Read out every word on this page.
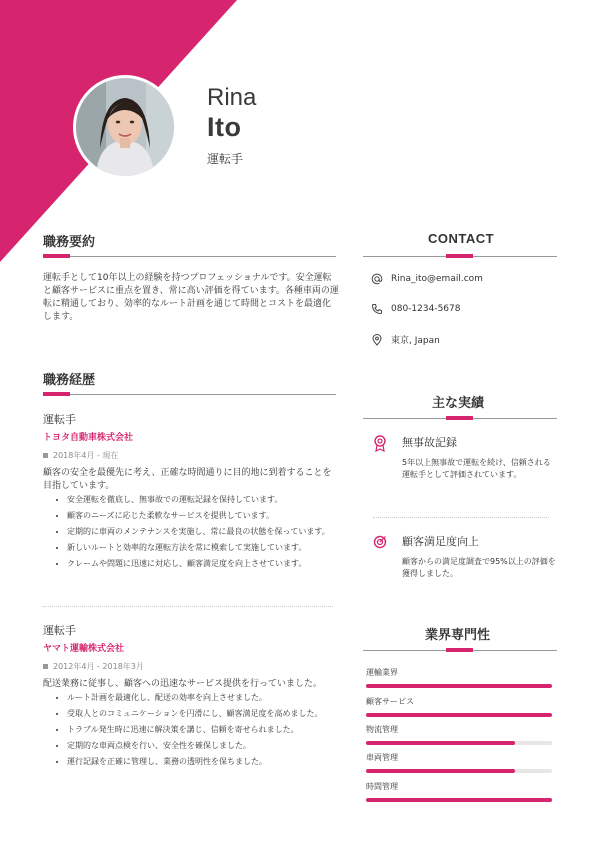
Rina
Ito
運転手
職務要約
運転手として10年以上の経験を持つプロフェッショナルです。安全運転と顧客サービスに重点を置き、常に高い評価を得ています。各種車両の運転に精通しており、効率的なルート計画を通じて時間とコストを最適化します。
職務経歴
運転手
トヨタ自動車株式会社
2018年4月 - 現在
顧客の安全を最優先に考え、正確な時間通りに目的地に到着することを目指しています。
• 安全運転を徹底し、無事故での運転記録を保持しています。
• 顧客のニーズに応じた柔軟なサービスを提供しています。
• 定期的に車両のメンテナンスを実施し、常に最良の状態を保っています。
• 新しいルートと効率的な運転方法を常に模索して実施しています。
• クレームや問題に迅速に対応し、顧客満足度を向上させています。
運転手
ヤマト運輸株式会社
2012年4月 - 2018年3月
配送業務に従事し、顧客への迅速なサービス提供を行っていました。
• ルート計画を最適化し、配送の効率を向上させました。
• 受取人とのコミュニケーションを円滑にし、顧客満足度を高めました。
• トラブル発生時に迅速に解決策を講じ、信頼を寄せられました。
• 定期的な車両点検を行い、安全性を確保しました。
• 運行記録を正確に管理し、業務の透明性を保ちました。
CONTACT
Rina_ito@email.com
080-1234-5678
東京, Japan
主な実績
無事故記録
5年以上無事故で運転を続け、信頼される運転手として評価されています。
顧客満足度向上
顧客からの満足度調査で95%以上の評価を獲得しました。
業界専門性
運輸業界
顧客サービス
物流管理
車両管理
時間管理
